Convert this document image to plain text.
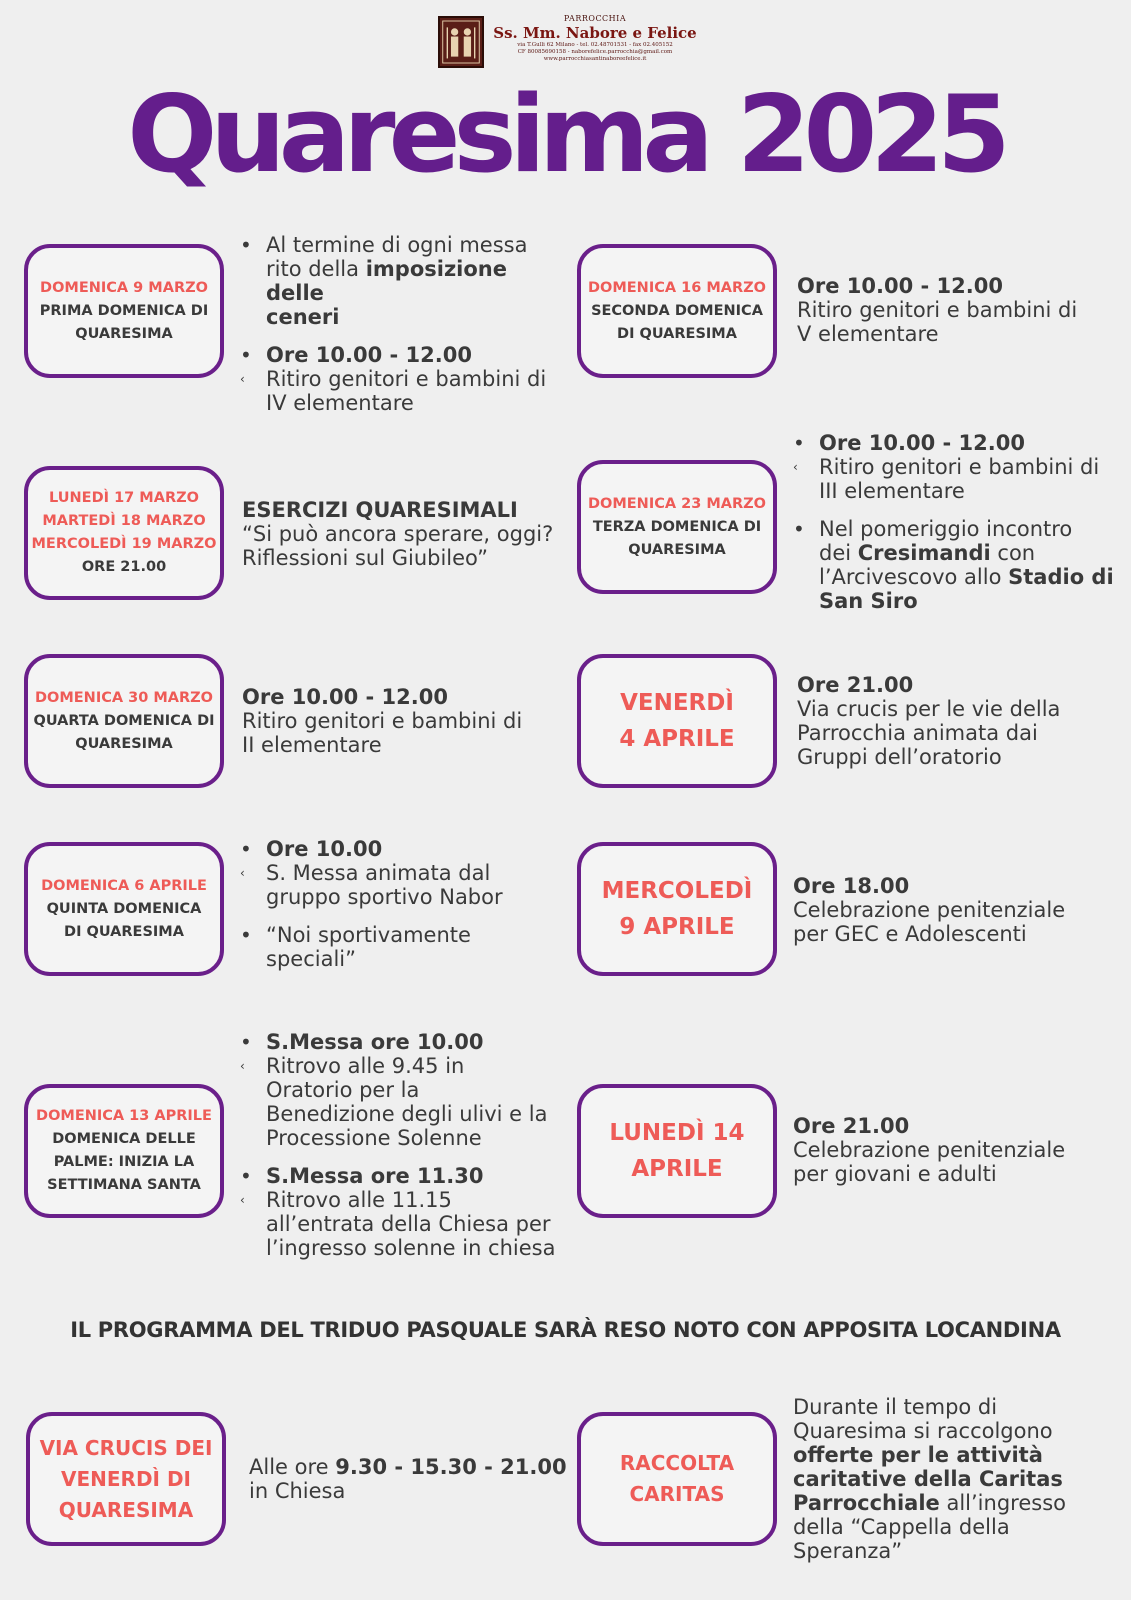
PARROCCHIA
Ss. Mm. Nabore e Felice
via T.Gulli 62 Milano - tel. 02.48701531 - fax 02.405152
CF 80085690158 - naborefelice.parrocchia@gmail.com
www.parrocchiasantinaboreefelice.it
Quaresima 2025
DOMENICA 9 MARZO
PRIMA DOMENICA DI
QUARESIMA
• Al termine di ogni messa
rito della imposizione delle
ceneri
• Ore 10.00 - 12.00
‹ Ritiro genitori e bambini di
IV elementare
DOMENICA 16 MARZO
SECONDA DOMENICA
DI QUARESIMA
Ore 10.00 - 12.00
Ritiro genitori e bambini di
V elementare
LUNEDÌ 17 MARZO
MARTEDÌ 18 MARZO
MERCOLEDÌ 19 MARZO
ORE 21.00
ESERCIZI QUARESIMALI
“Si può ancora sperare, oggi?
Riflessioni sul Giubileo”
DOMENICA 23 MARZO
TERZA DOMENICA DI
QUARESIMA
• Ore 10.00 - 12.00
‹ Ritiro genitori e bambini di
III elementare
• Nel pomeriggio incontro
dei Cresimandi con
l’Arcivescovo allo Stadio di
San Siro
DOMENICA 30 MARZO
QUARTA DOMENICA DI
QUARESIMA
Ore 10.00 - 12.00
Ritiro genitori e bambini di
II elementare
VENERDÌ
4 APRILE
Ore 21.00
Via crucis per le vie della
Parrocchia animata dai
Gruppi dell’oratorio
DOMENICA 6 APRILE
QUINTA DOMENICA
DI QUARESIMA
• Ore 10.00
‹ S. Messa animata dal
gruppo sportivo Nabor
• “Noi sportivamente
speciali”
MERCOLEDÌ
9 APRILE
Ore 18.00
Celebrazione penitenziale
per GEC e Adolescenti
DOMENICA 13 APRILE
DOMENICA DELLE
PALME: INIZIA LA
SETTIMANA SANTA
• S.Messa ore 10.00
‹ Ritrovo alle 9.45 in
Oratorio per la
Benedizione degli ulivi e la
Processione Solenne
• S.Messa ore 11.30
‹ Ritrovo alle 11.15
all’entrata della Chiesa per
l’ingresso solenne in chiesa
LUNEDÌ 14
APRILE
Ore 21.00
Celebrazione penitenziale
per giovani e adulti
IL PROGRAMMA DEL TRIDUO PASQUALE SARÀ RESO NOTO CON APPOSITA LOCANDINA
VIA CRUCIS DEI
VENERDÌ DI
QUARESIMA
Alle ore 9.30 - 15.30 - 21.00
in Chiesa
RACCOLTA
CARITAS
Durante il tempo di
Quaresima si raccolgono
offerte per le attività
caritative della Caritas
Parrocchiale all’ingresso
della “Cappella della
Speranza”
